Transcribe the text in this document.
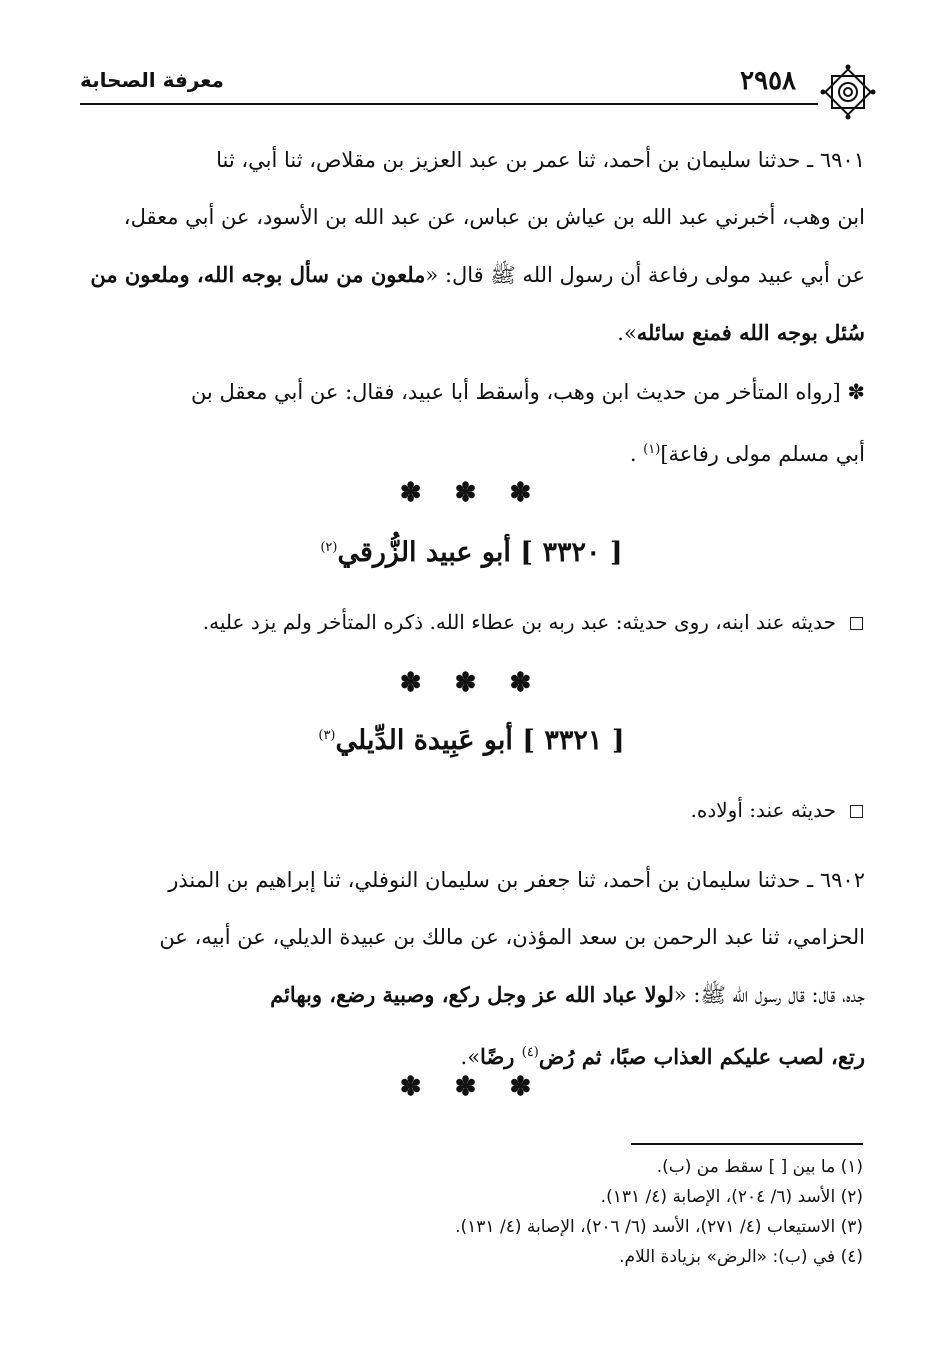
٢٩٥٨
معرفة الصحابة
٦٩٠١ ـ حدثنا سليمان بن أحمد، ثنا عمر بن عبد العزيز بن مقلاص، ثنا أبي، ثنا
ابن وهب، أخبرني عبد الله بن عياش بن عباس، عن عبد الله بن الأسود، عن أبي معقل،
عن أبي عبيد مولى رفاعة أن رسول الله ﷺ قال: «ملعون من سأل بوجه الله، وملعون من
سُئل بوجه الله فمنع سائله».
✽ [رواه المتأخر من حديث ابن وهب، وأسقط أبا عبيد، فقال: عن أبي معقل بن
أبي مسلم مولى رفاعة]$^{(١)}$ .
✽ ✽ ✽
[ ٣٣٢٠ ] أبو عبيد الزُّرقي$^{(٢)}$
حديثه عند ابنه، روى حديثه: عبد ربه بن عطاء الله. ذكره المتأخر ولم يزد عليه.
✽ ✽ ✽
[ ٣٣٢١ ] أبو عَبِيدة الدِّيلي$^{(٣)}$
حديثه عند: أولاده.
٦٩٠٢ ـ حدثنا سليمان بن أحمد، ثنا جعفر بن سليمان النوفلي، ثنا إبراهيم بن المنذر
الحزامي، ثنا عبد الرحمن بن سعد المؤذن، عن مالك بن عبيدة الديلي، عن أبيه، عن
جده، قال: قال رسول الله ﷺ: «لولا عباد الله عز وجل ركع، وصبية رضع، وبهائم
رتع، لصب عليكم العذاب صبًا، ثم رُض$^{(٤)}$ رضًا».
✽ ✽ ✽
(١) ما بين [ ] سقط من (ب).
(٢) الأسد (٦/ ٢٠٤)، الإصابة (٤/ ١٣١).
(٣) الاستيعاب (٤/ ٢٧١)، الأسد (٦/ ٢٠٦)، الإصابة (٤/ ١٣١).
(٤) في (ب): «الرض» بزيادة اللام.
